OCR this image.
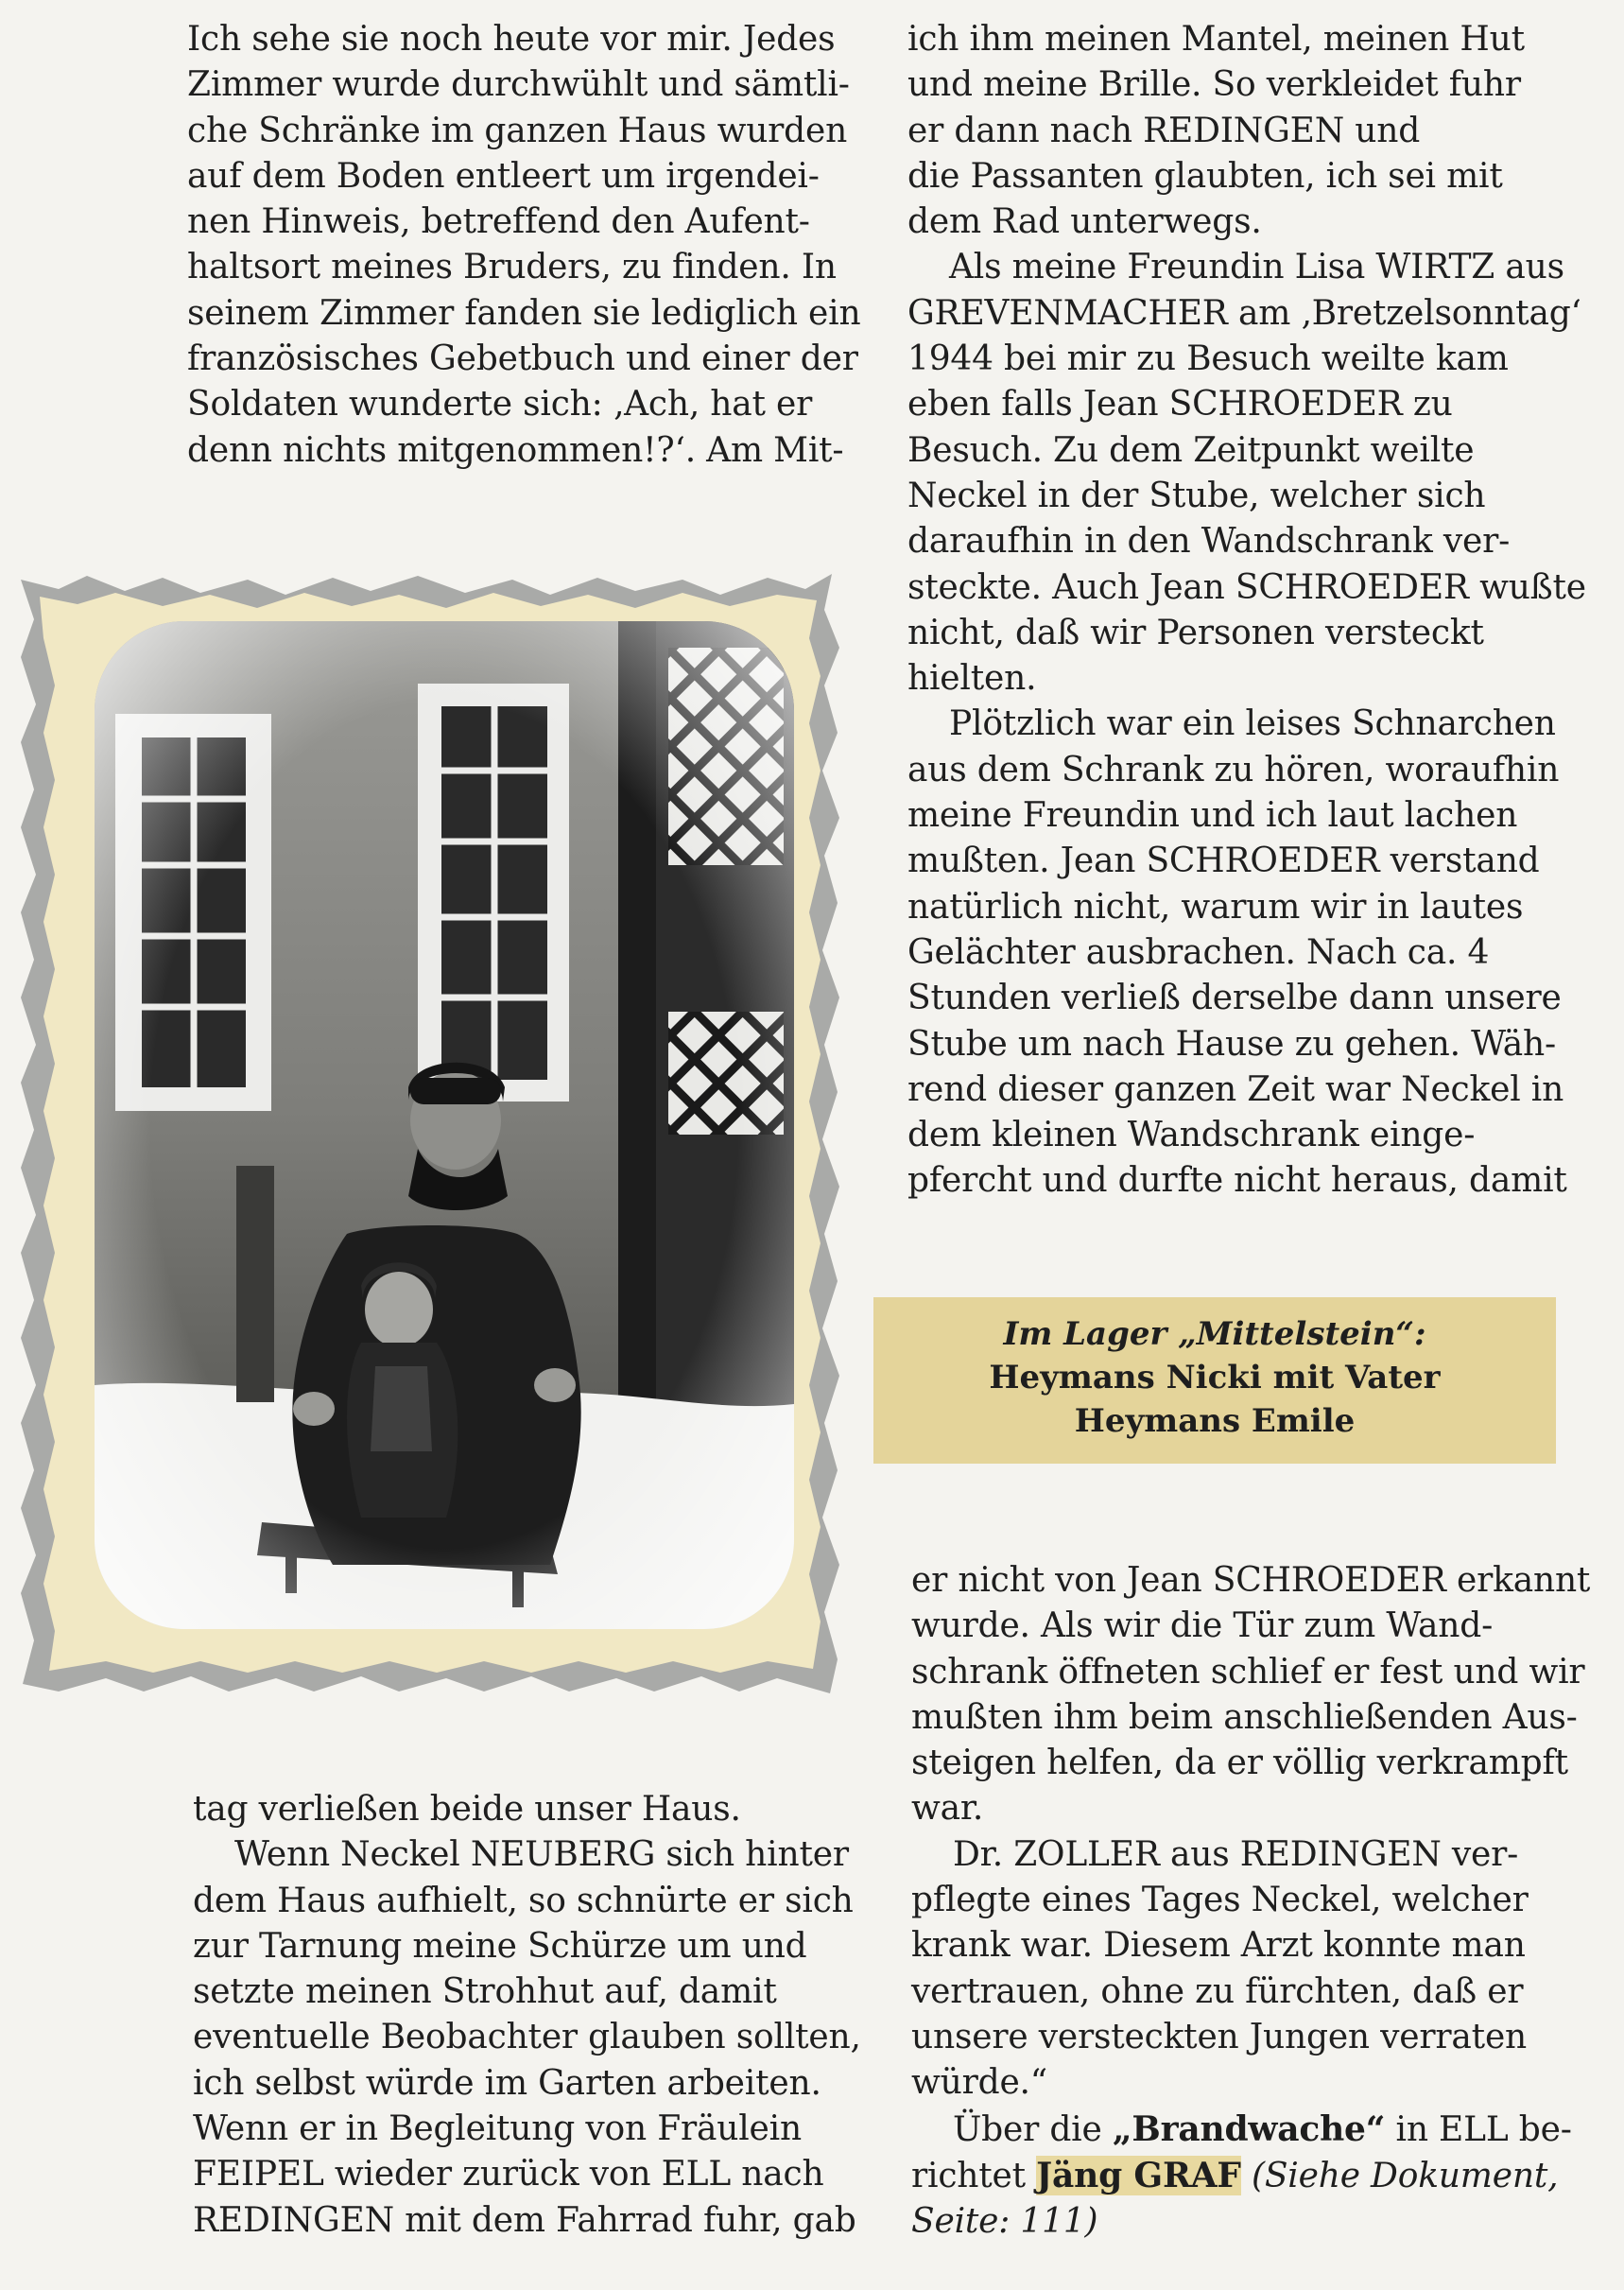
Ich sehe sie noch heute vor mir. Jedes
Zimmer wurde durchwühlt und sämtli-
che Schränke im ganzen Haus wurden
auf dem Boden entleert um irgendei-
nen Hinweis, betreffend den Aufent-
haltsort meines Bruders, zu finden. In
seinem Zimmer fanden sie lediglich ein
französisches Gebetbuch und einer der
Soldaten wunderte sich: ‚Ach, hat er
denn nichts mitgenommen!?‘. Am Mit-
tag verließen beide unser Haus.
Wenn Neckel NEUBERG sich hinter
dem Haus aufhielt, so schnürte er sich
zur Tarnung meine Schürze um und
setzte meinen Strohhut auf, damit
eventuelle Beobachter glauben sollten,
ich selbst würde im Garten arbeiten.
Wenn er in Begleitung von Fräulein
FEIPEL wieder zurück von ELL nach
REDINGEN mit dem Fahrrad fuhr, gab
ich ihm meinen Mantel, meinen Hut
und meine Brille. So verkleidet fuhr
er dann nach REDINGEN und
die Passanten glaubten, ich sei mit
dem Rad unterwegs.
Als meine Freundin Lisa WIRTZ aus
GREVENMACHER am ‚Bretzelsonntag‘
1944 bei mir zu Besuch weilte kam
eben falls Jean SCHROEDER zu
Besuch. Zu dem Zeitpunkt weilte
Neckel in der Stube, welcher sich
daraufhin in den Wandschrank ver-
steckte. Auch Jean SCHROEDER wußte
nicht, daß wir Personen versteckt
hielten.
Plötzlich war ein leises Schnarchen
aus dem Schrank zu hören, woraufhin
meine Freundin und ich laut lachen
mußten. Jean SCHROEDER verstand
natürlich nicht, warum wir in lautes
Gelächter ausbrachen. Nach ca. 4
Stunden verließ derselbe dann unsere
Stube um nach Hause zu gehen. Wäh-
rend dieser ganzen Zeit war Neckel in
dem kleinen Wandschrank einge-
pfercht und durfte nicht heraus, damit
Im Lager „Mittelstein“:
Heymans Nicki mit Vater
Heymans Emile
er nicht von Jean SCHROEDER erkannt
wurde. Als wir die Tür zum Wand-
schrank öffneten schlief er fest und wir
mußten ihm beim anschließenden Aus-
steigen helfen, da er völlig verkrampft
war.
Dr. ZOLLER aus REDINGEN ver-
pflegte eines Tages Neckel, welcher
krank war. Diesem Arzt konnte man
vertrauen, ohne zu fürchten, daß er
unsere versteckten Jungen verraten
würde.“
Über die „Brandwache“ in ELL be-
richtet Jäng GRAF (Siehe Dokument,
Seite: 111)
